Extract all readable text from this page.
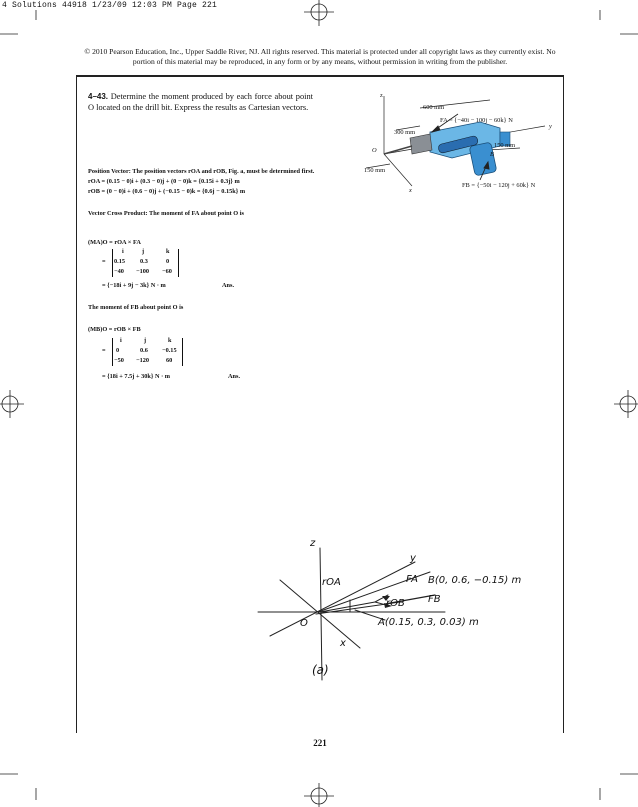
4 Solutions 44918 1/23/09 12:03 PM Page 221
© 2010 Pearson Education, Inc., Upper Saddle River, NJ. All rights reserved. This material is protected under all copyright laws as they currently exist. No portion of this material may be reproduced, in any form or by any means, without permission in writing from the publisher.
4–43. Determine the moment produced by each force about point O located on the drill bit. Express the results as Cartesian vectors.
z
y
x
O
B
600 mm
300 mm
150 mm
150 mm
FA = {−40i − 100j − 60k} N
FB = {−50i − 120j + 60k} N
Position Vector: The position vectors rOA and rOB, Fig. a, must be determined first.
rOA = (0.15 − 0)i + (0.3 − 0)j + (0 − 0)k = {0.15i + 0.3j} m
rOB = (0 − 0)i + (0.6 − 0)j + (−0.15 − 0)k = {0.6j − 0.15k} m
Vector Cross Product: The moment of FA about point O is
(MA)O = rOA × FA
=
i	j	k
0.15 0.3	0
−40 −100 −60
= {−18i + 9j − 3k} N · m	Ans.
The moment of FB about point O is
(MB)O = rOB × FB
=
i	j	k
0	0.6 −0.15
−50 −120	60
= {18i + 7.5j + 30k} N · m	Ans.
z
y
x
O
FA
FB
rOA
rOB
B(0, 0.6, −0.15) m
A(0.15, 0.3, 0.03) m
(a)
221
